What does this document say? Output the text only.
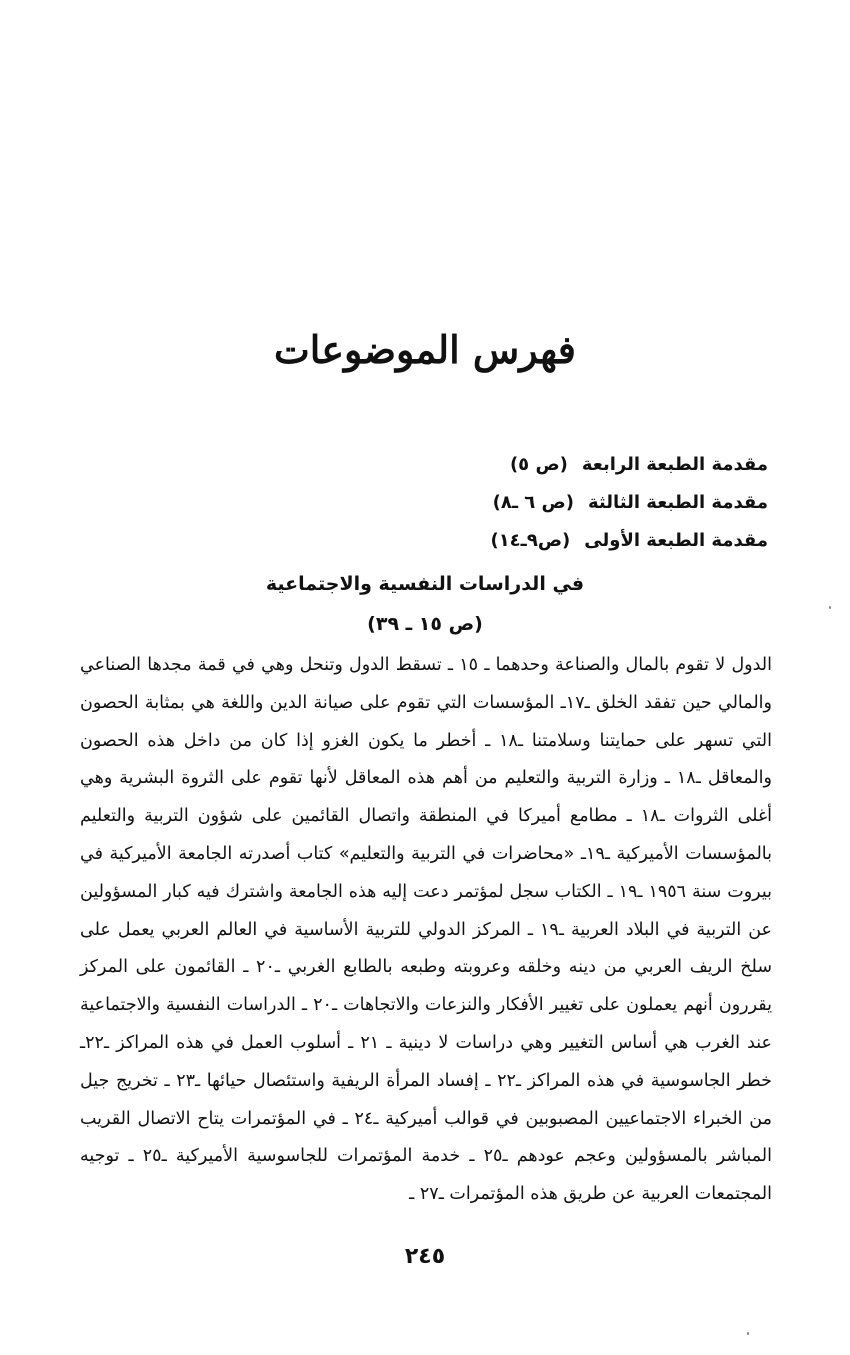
فهرس الموضوعات
مقدمة الطبعة الرابعة(ص ٥)
مقدمة الطبعة الثالثة(ص ٦ ـ٨)
مقدمة الطبعة الأولى(ص٩ـ١٤)
في الدراسات النفسية والاجتماعية
(ص ١٥ ـ ٣٩)
الدول لا تقوم بالمال والصناعة وحدهما ـ ١٥ ـ تسقط الدول وتنحل وهي في قمة مجدها الصناعي والمالي حين تفقد الخلق ـ١٧ـ المؤسسات التي تقوم على صيانة الدين واللغة هي بمثابة الحصون التي تسهر على حمايتنا وسلامتنا ـ١٨ ـ أخطر ما يكون الغزو إذا كان من داخل هذه الحصون والمعاقل ـ١٨ ـ وزارة التربية والتعليم من أهم هذه المعاقل لأنها تقوم على الثروة البشرية وهي أغلى الثروات ـ١٨ ـ مطامع أميركا في المنطقة واتصال القائمين على شؤون التربية والتعليم بالمؤسسات الأميركية ـ١٩ـ «محاضرات في التربية والتعليم» كتاب أصدرته الجامعة الأميركية في بيروت سنة ١٩٥٦ ـ١٩ ـ الكتاب سجل لمؤتمر دعت إليه هذه الجامعة واشترك فيه كبار المسؤولين عن التربية في البلاد العربية ـ١٩ ـ المركز الدولي للتربية الأساسية في العالم العربي يعمل على سلخ الريف العربي من دينه وخلقه وعروبته وطبعه بالطابع الغربي ـ٢٠ ـ القائمون على المركز يقررون أنهم يعملون على تغيير الأفكار والنزعات والاتجاهات ـ٢٠ ـ الدراسات النفسية والاجتماعية عند الغرب هي أساس التغيير وهي دراسات لا دينية ـ ٢١ ـ أسلوب العمل في هذه المراكز ـ٢٢ـ خطر الجاسوسية في هذه المراكز ـ٢٢ ـ إفساد المرأة الريفية واستئصال حيائها ـ٢٣ ـ تخريج جيل من الخبراء الاجتماعيين المصبوبين في قوالب أميركية ـ٢٤ ـ في المؤتمرات يتاح الاتصال القريب المباشر بالمسؤولين وعجم عودهم ـ٢٥ ـ خدمة المؤتمرات للجاسوسية الأميركية ـ٢٥ ـ توجيه المجتمعات العربية عن طريق هذه المؤتمرات ـ٢٧ ـ
٢٤٥
